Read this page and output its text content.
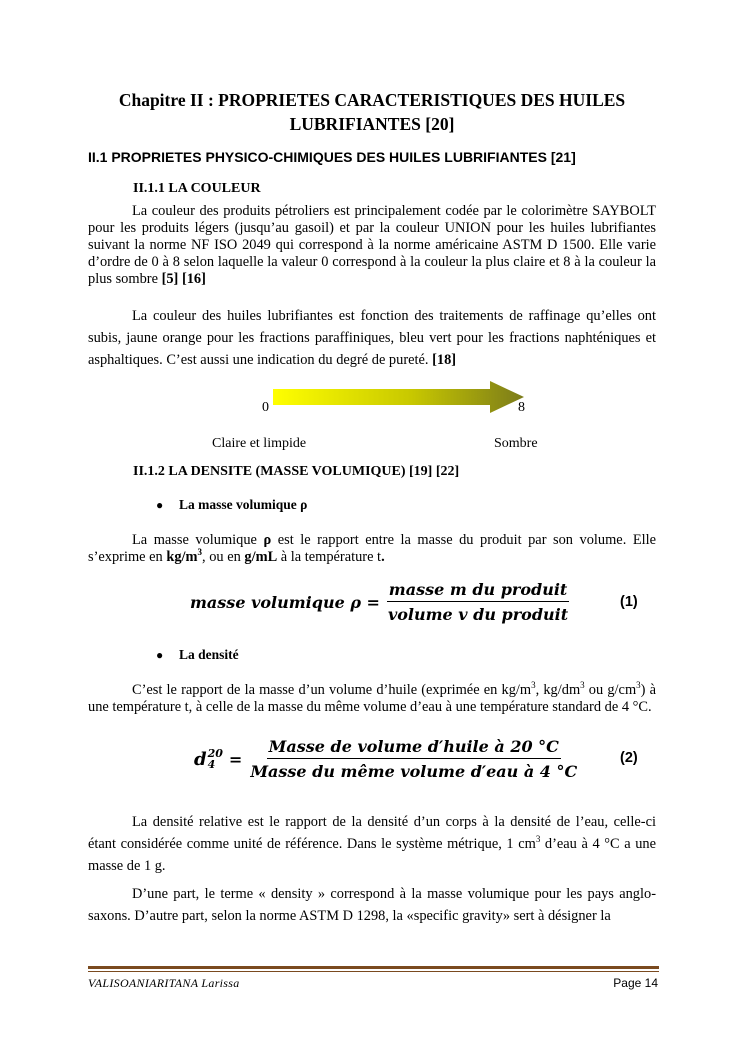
Chapitre II : PROPRIETES CARACTERISTIQUES DES HUILES LUBRIFIANTES [20]
II.1 PROPRIETES PHYSICO-CHIMIQUES DES HUILES LUBRIFIANTES [21]
II.1.1 LA COULEUR

La couleur des produits pétroliers est principalement codée par le colorimètre SAYBOLT pour les produits légers (jusqu’au gasoil) et par la couleur UNION pour les huiles lubrifiantes suivant la norme NF ISO 2049 qui correspond à la norme américaine ASTM D 1500. Elle varie d’ordre de 0 à 8 selon laquelle la valeur 0 correspond à la couleur la plus claire et 8 à la couleur la plus sombre [5] [16]

La couleur des huiles lubrifiantes est fonction des traitements de raffinage qu’elles ont subis, jaune orange pour les fractions paraffiniques, bleu vert pour les fractions naphténiques et asphaltiques. C’est aussi une indication du degré de pureté. [18]

0	8
Claire et limpide	Sombre
II.1.2 LA DENSITE (MASSE VOLUMIQUE) [19] [22]
● La masse volumique ρ

La masse volumique ρ est le rapport entre la masse du produit par son volume. Elle s’exprime en $kg/m^3$, ou en g/mL à la température t.

masse volumique $\rho = \frac{\text{masse m du produit}}{\text{volume v du produit}}$	(1)
● La densité

C’est le rapport de la masse d’un volume d’huile (exprimée en $kg/m^3$, $kg/dm^3$ ou $g/cm^3$) à une température t, à celle de la masse du même volume d’eau à une température standard de 4 °C.

d 20
$4 = \frac{\text{Masse de volume d′huile à 20 °C}}{\text{Masse du même volume d′eau à 4 °C}}$	(2)

La densité relative est le rapport de la densité d’un corps à la densité de l’eau, celle-ci étant considérée comme unité de référence. Dans le système métrique, 1 $cm^3$ d’eau à 4 °C a une masse de 1 g.

D’une part, le terme « density » correspond à la masse volumique pour les pays anglo-saxons. D’autre part, selon la norme ASTM D 1298, la «specific gravity» sert à désigner la

VALISOANIARITANA Larissa	Page 14
